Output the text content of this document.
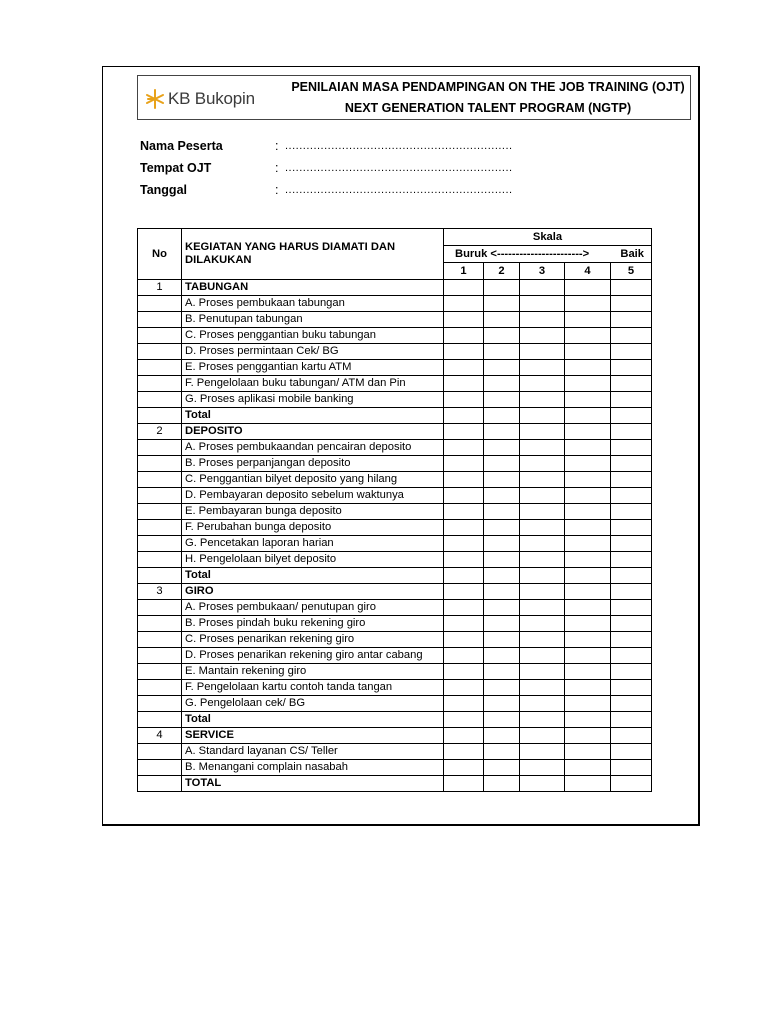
KB Bukopin
PENILAIAN MASA PENDAMPINGAN ON THE JOB TRAINING (OJT)
NEXT GENERATION TALENT PROGRAM (NGTP)
Nama Peserta	: ................................................................
Tempat OJT	: ................................................................
Tanggal	: ................................................................
No	KEGIATAN YANG HARUS DIAMATI DAN DILAKUKAN	Skala				
		Buruk <-----------------------> Baik				

		1	2	3	4	5
1	TABUNGAN					
	A. Proses pembukaan tabungan					
	B. Penutupan tabungan					
	C. Proses penggantian buku tabungan					
	D. Proses permintaan Cek/ BG					
	E. Proses penggantian kartu ATM					
	F. Pengelolaan buku tabungan/ ATM dan Pin					
	G. Proses aplikasi mobile banking					
	Total					
2	DEPOSITO					
	A. Proses pembukaandan pencairan deposito					
	B. Proses perpanjangan deposito					
	C. Penggantian bilyet deposito yang hilang					
	D. Pembayaran deposito sebelum waktunya					
	E. Pembayaran bunga deposito					
	F. Perubahan bunga deposito					
	G. Pencetakan laporan harian					
	H. Pengelolaan bilyet deposito					
	Total					
3	GIRO					
	A. Proses pembukaan/ penutupan giro					
	B. Proses pindah buku rekening giro					
	C. Proses penarikan rekening giro					
	D. Proses penarikan rekening giro antar cabang					
	E. Mantain rekening giro					
	F. Pengelolaan kartu contoh tanda tangan					
	G. Pengelolaan cek/ BG					
	Total					
4	SERVICE					
	A. Standard layanan CS/ Teller					
	B. Menangani complain nasabah					
	TOTAL					
